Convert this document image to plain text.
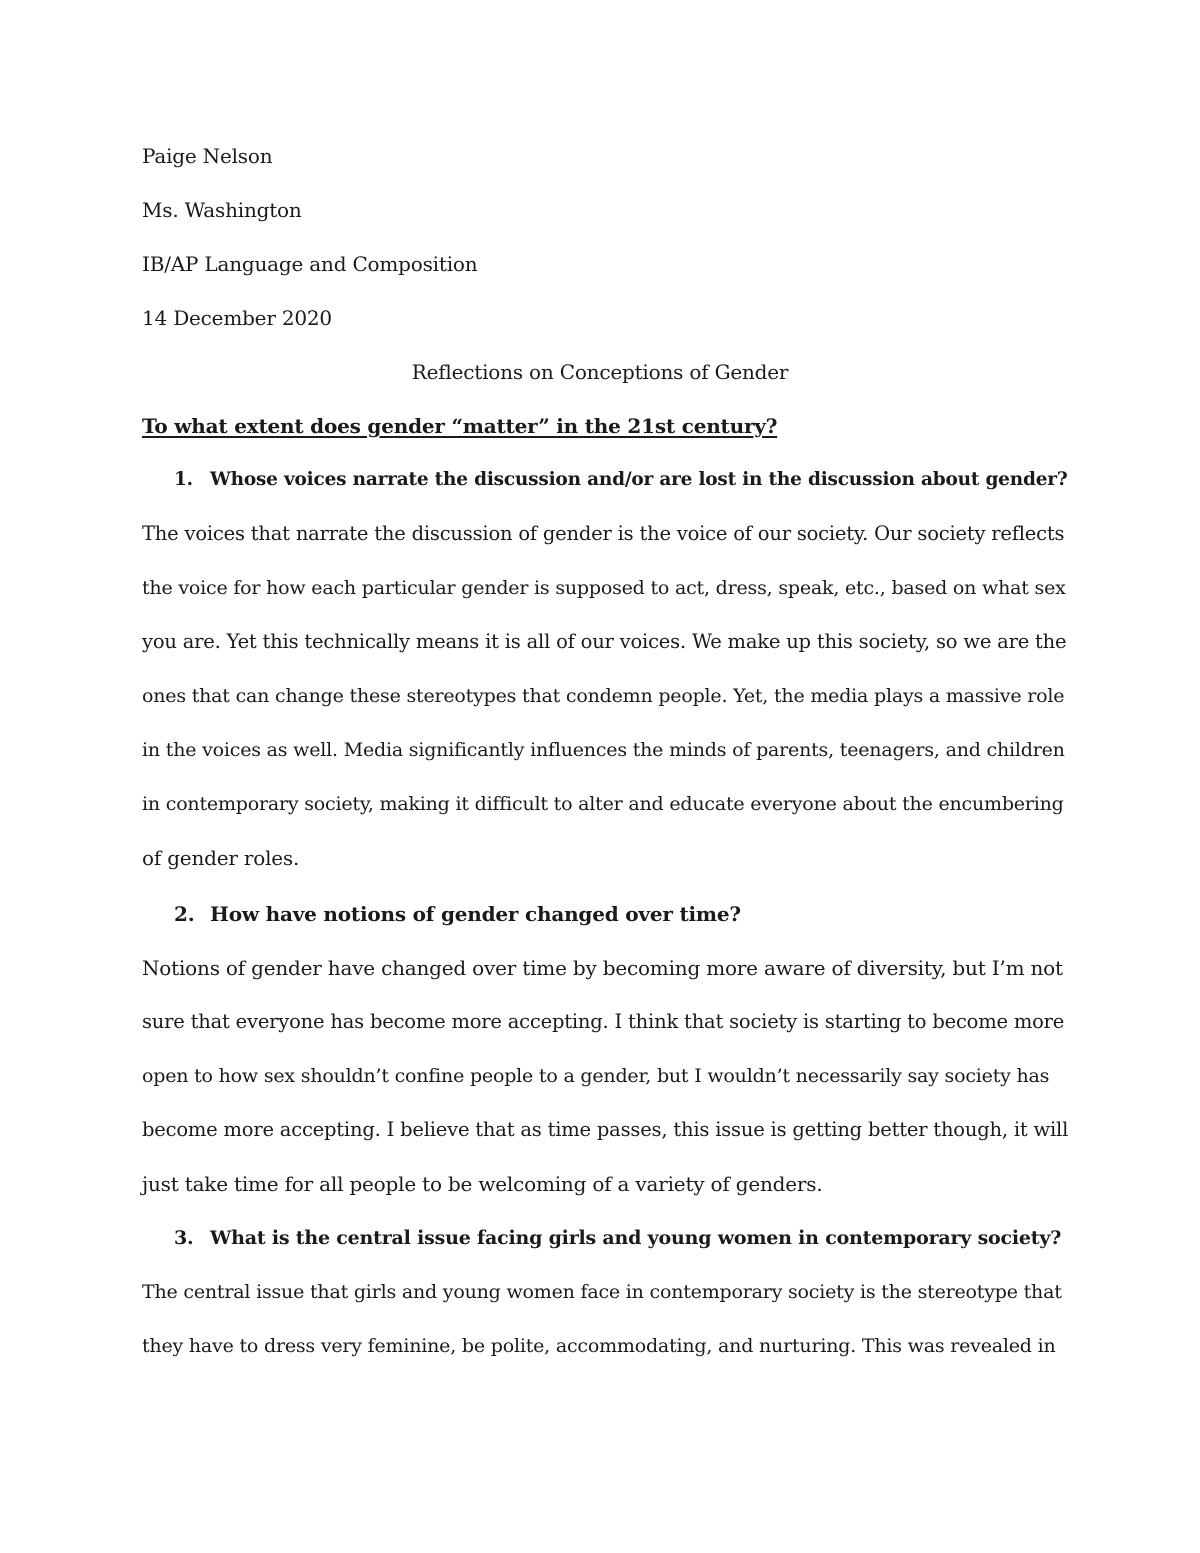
Paige Nelson
Ms. Washington
IB/AP Language and Composition
14 December 2020
Reflections on Conceptions of Gender
To what extent does gender “matter” in the 21st century?
1. Whose voices narrate the discussion and/or are lost in the discussion about gender?
The voices that narrate the discussion of gender is the voice of our society. Our society reflects
the voice for how each particular gender is supposed to act, dress, speak, etc., based on what sex
you are. Yet this technically means it is all of our voices. We make up this society, so we are the
ones that can change these stereotypes that condemn people. Yet, the media plays a massive role
in the voices as well. Media significantly influences the minds of parents, teenagers, and children
in contemporary society, making it difficult to alter and educate everyone about the encumbering
of gender roles.
2. How have notions of gender changed over time?
Notions of gender have changed over time by becoming more aware of diversity, but I’m not
sure that everyone has become more accepting. I think that society is starting to become more
open to how sex shouldn’t confine people to a gender, but I wouldn’t necessarily say society has
become more accepting. I believe that as time passes, this issue is getting better though, it will
just take time for all people to be welcoming of a variety of genders.
3. What is the central issue facing girls and young women in contemporary society?
The central issue that girls and young women face in contemporary society is the stereotype that
they have to dress very feminine, be polite, accommodating, and nurturing. This was revealed in
